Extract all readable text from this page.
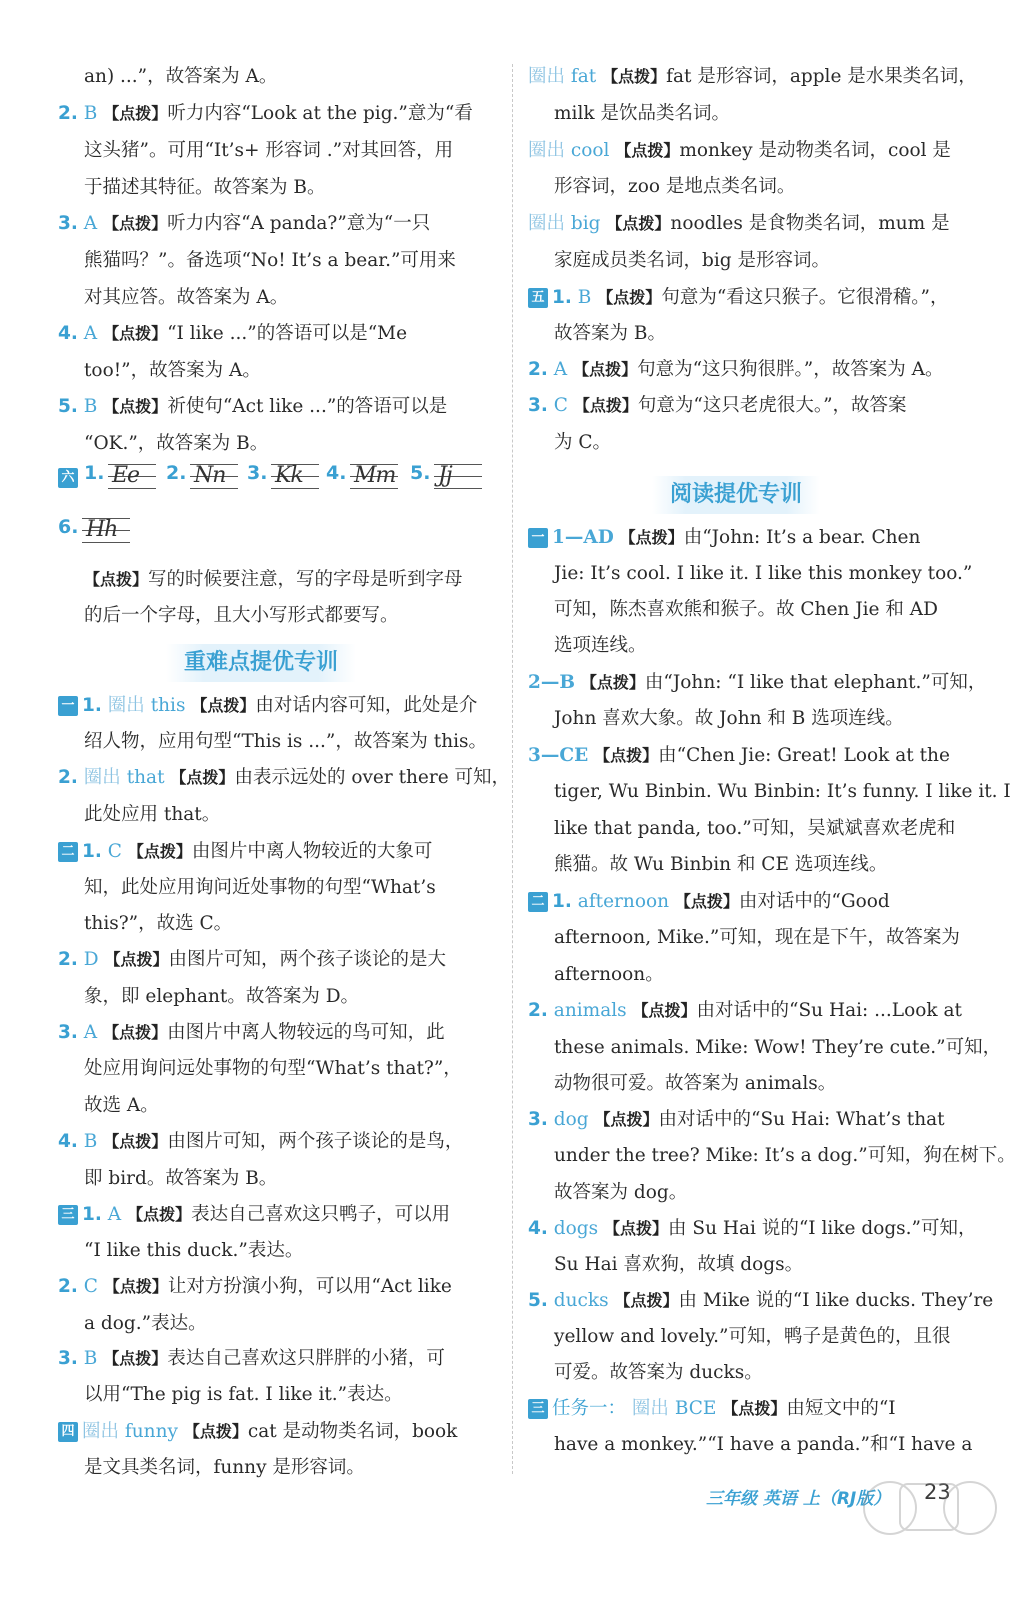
an) ...”，故答案为 A。
2. B 【点拨】听力内容“Look at the pig.”意为“看
这头猪”。可用“It’s+ 形容词 .”对其回答，用
于描述其特征。故答案为 B。
3. A 【点拨】听力内容“A panda?”意为“一只
熊猫吗？”。备选项“No! It’s a bear.”可用来
对其应答。故答案为 A。
4. A 【点拨】“I like ...”的答语可以是“Me
too!”，故答案为 A。
5. B 【点拨】祈使句“Act like ...”的答语可以是
“OK.”，故答案为 B。
六 1. Ee 2. Nn 3. Kk 4. Mm 5. Jj
6. Hh
【点拨】写的时候要注意，写的字母是听到字母
的后一个字母，且大小写形式都要写。
重难点提优专训
一 1. 圈出 this 【点拨】由对话内容可知，此处是介
绍人物，应用句型“This is ...”，故答案为 this。
2. 圈出 that 【点拨】由表示远处的 over there 可知，
此处应用 that。
二 1. C 【点拨】由图片中离人物较近的大象可
知，此处应用询问近处事物的句型“What’s
this?”，故选 C。
2. D 【点拨】由图片可知，两个孩子谈论的是大
象，即 elephant。故答案为 D。
3. A 【点拨】由图片中离人物较远的鸟可知，此
处应用询问远处事物的句型“What’s that?”，
故选 A。
4. B 【点拨】由图片可知，两个孩子谈论的是鸟，
即 bird。故答案为 B。
三 1. A 【点拨】表达自己喜欢这只鸭子，可以用
“I like this duck.”表达。
2. C 【点拨】让对方扮演小狗，可以用“Act like
a dog.”表达。
3. B 【点拨】表达自己喜欢这只胖胖的小猪，可
以用“The pig is fat. I like it.”表达。
四 圈出 funny 【点拨】cat 是动物类名词，book
是文具类名词，funny 是形容词。
圈出 fat 【点拨】fat 是形容词，apple 是水果类名词，
milk 是饮品类名词。
圈出 cool 【点拨】monkey 是动物类名词，cool 是
形容词，zoo 是地点类名词。
圈出 big 【点拨】noodles 是食物类名词，mum 是
家庭成员类名词，big 是形容词。
五 1. B 【点拨】句意为“看这只猴子。它很滑稽。”，
故答案为 B。
2. A 【点拨】句意为“这只狗很胖。”，故答案为 A。
3. C 【点拨】句意为“这只老虎很大。”，故答案
为 C。
阅读提优专训
一 1—AD 【点拨】由“John: It’s a bear. Chen
Jie: It’s cool. I like it. I like this monkey too.”
可知，陈杰喜欢熊和猴子。故 Chen Jie 和 AD
选项连线。
2—B 【点拨】由“John: “I like that elephant.”可知，
John 喜欢大象。故 John 和 B 选项连线。
3—CE 【点拨】由“Chen Jie: Great! Look at the
tiger, Wu Binbin. Wu Binbin: It’s funny. I like it. I
like that panda, too.”可知，吴斌斌喜欢老虎和
熊猫。故 Wu Binbin 和 CE 选项连线。
二 1. afternoon 【点拨】由对话中的“Good
afternoon, Mike.”可知，现在是下午，故答案为
afternoon。
2. animals 【点拨】由对话中的“Su Hai: ...Look at
these animals. Mike: Wow! They’re cute.”可知，
动物很可爱。故答案为 animals。
3. dog 【点拨】由对话中的“Su Hai: What’s that
under the tree? Mike: It’s a dog.”可知，狗在树下。
故答案为 dog。
4. dogs 【点拨】由 Su Hai 说的“I like dogs.”可知，
Su Hai 喜欢狗，故填 dogs。
5. ducks 【点拨】由 Mike 说的“I like ducks. They’re
yellow and lovely.”可知，鸭子是黄色的，且很
可爱。故答案为 ducks。
三 任务一： 圈出 BCE 【点拨】由短文中的“I
have a monkey.”“I have a panda.”和“I have a
三年级 英语 上（RJ版） 23
